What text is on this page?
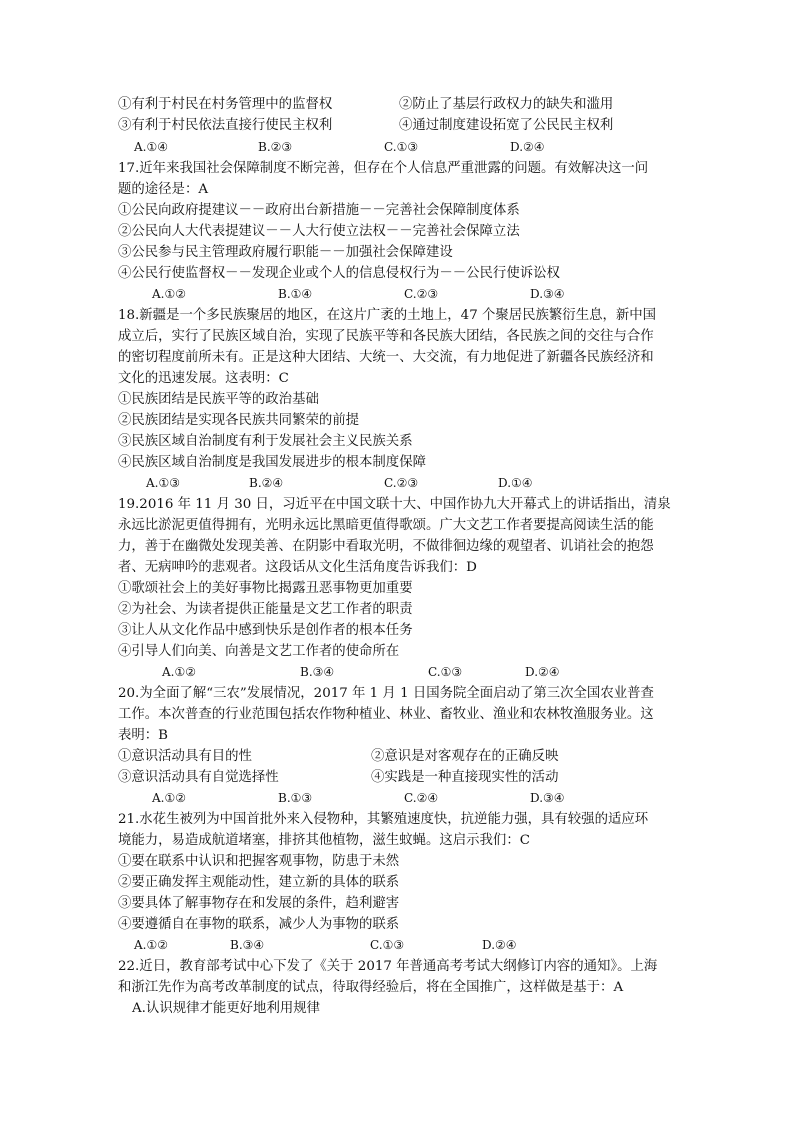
①有利于村民在村务管理中的监督权	②防止了基层行政权力的缺失和滥用
③有利于村民依法直接行使民主权利	④通过制度建设拓宽了公民民主权利
A.①④	B.②③	C.①③	D.②④
17.近年来我国社会保障制度不断完善，但存在个人信息严重泄露的问题。有效解决这一问
题的途径是：A
①公民向政府提建议－－政府出台新措施－－完善社会保障制度体系
②公民向人大代表提建议－－人大行使立法权－－完善社会保障立法
③公民参与民主管理政府履行职能－－加强社会保障建设
④公民行使监督权－－发现企业或个人的信息侵权行为－－公民行使诉讼权
A.①②	B.①④	C.②③	D.③④
18.新疆是一个多民族聚居的地区，在这片广袤的土地上，47 个聚居民族繁衍生息，新中国
成立后，实行了民族区域自治，实现了民族平等和各民族大团结，各民族之间的交往与合作
的密切程度前所未有。正是这种大团结、大统一、大交流，有力地促进了新疆各民族经济和
文化的迅速发展。这表明：C
①民族团结是民族平等的政治基础
②民族团结是实现各民族共同繁荣的前提
③民族区域自治制度有利于发展社会主义民族关系
④民族区域自治制度是我国发展进步的根本制度保障
A.①③	B.②④	C.②③	D.①④
19.2016 年 11 月 30 日，习近平在中国文联十大、中国作协九大开幕式上的讲话指出，清泉
永远比淤泥更值得拥有，光明永远比黑暗更值得歌颂。广大文艺工作者要提高阅读生活的能
力，善于在幽微处发现美善、在阴影中看取光明，不做徘徊边缘的观望者、讥诮社会的抱怨
者、无病呻吟的悲观者。这段话从文化生活角度告诉我们：D
①歌颂社会上的美好事物比揭露丑恶事物更加重要
②为社会、为读者提供正能量是文艺工作者的职责
③让人从文化作品中感到快乐是创作者的根本任务
④引导人们向美、向善是文艺工作者的使命所在
A.①②	B.③④	C.①③	D.②④
20.为全面了解“三农”发展情况，2017 年 1 月 1 日国务院全面启动了第三次全国农业普查
工作。本次普查的行业范围包括农作物种植业、林业、畜牧业、渔业和农林牧渔服务业。这
表明：B
①意识活动具有目的性	②意识是对客观存在的正确反映
③意识活动具有自觉选择性	④实践是一种直接现实性的活动
A.①②	B.①③	C.②④	D.③④
21.水花生被列为中国首批外来入侵物种，其繁殖速度快，抗逆能力强，具有较强的适应环
境能力，易造成航道堵塞，排挤其他植物，滋生蚊蝇。这启示我们：C
①要在联系中认识和把握客观事物，防患于未然
②要正确发挥主观能动性，建立新的具体的联系
③要具体了解事物存在和发展的条件，趋利避害
④要遵循自在事物的联系，减少人为事物的联系
A.①②	B.③④	C.①③	D.②④
22.近日，教育部考试中心下发了《关于 2017 年普通高考考试大纲修订内容的通知》。上海
和浙江先作为高考改革制度的试点，待取得经验后，将在全国推广，这样做是基于：A
A.认识规律才能更好地利用规律
